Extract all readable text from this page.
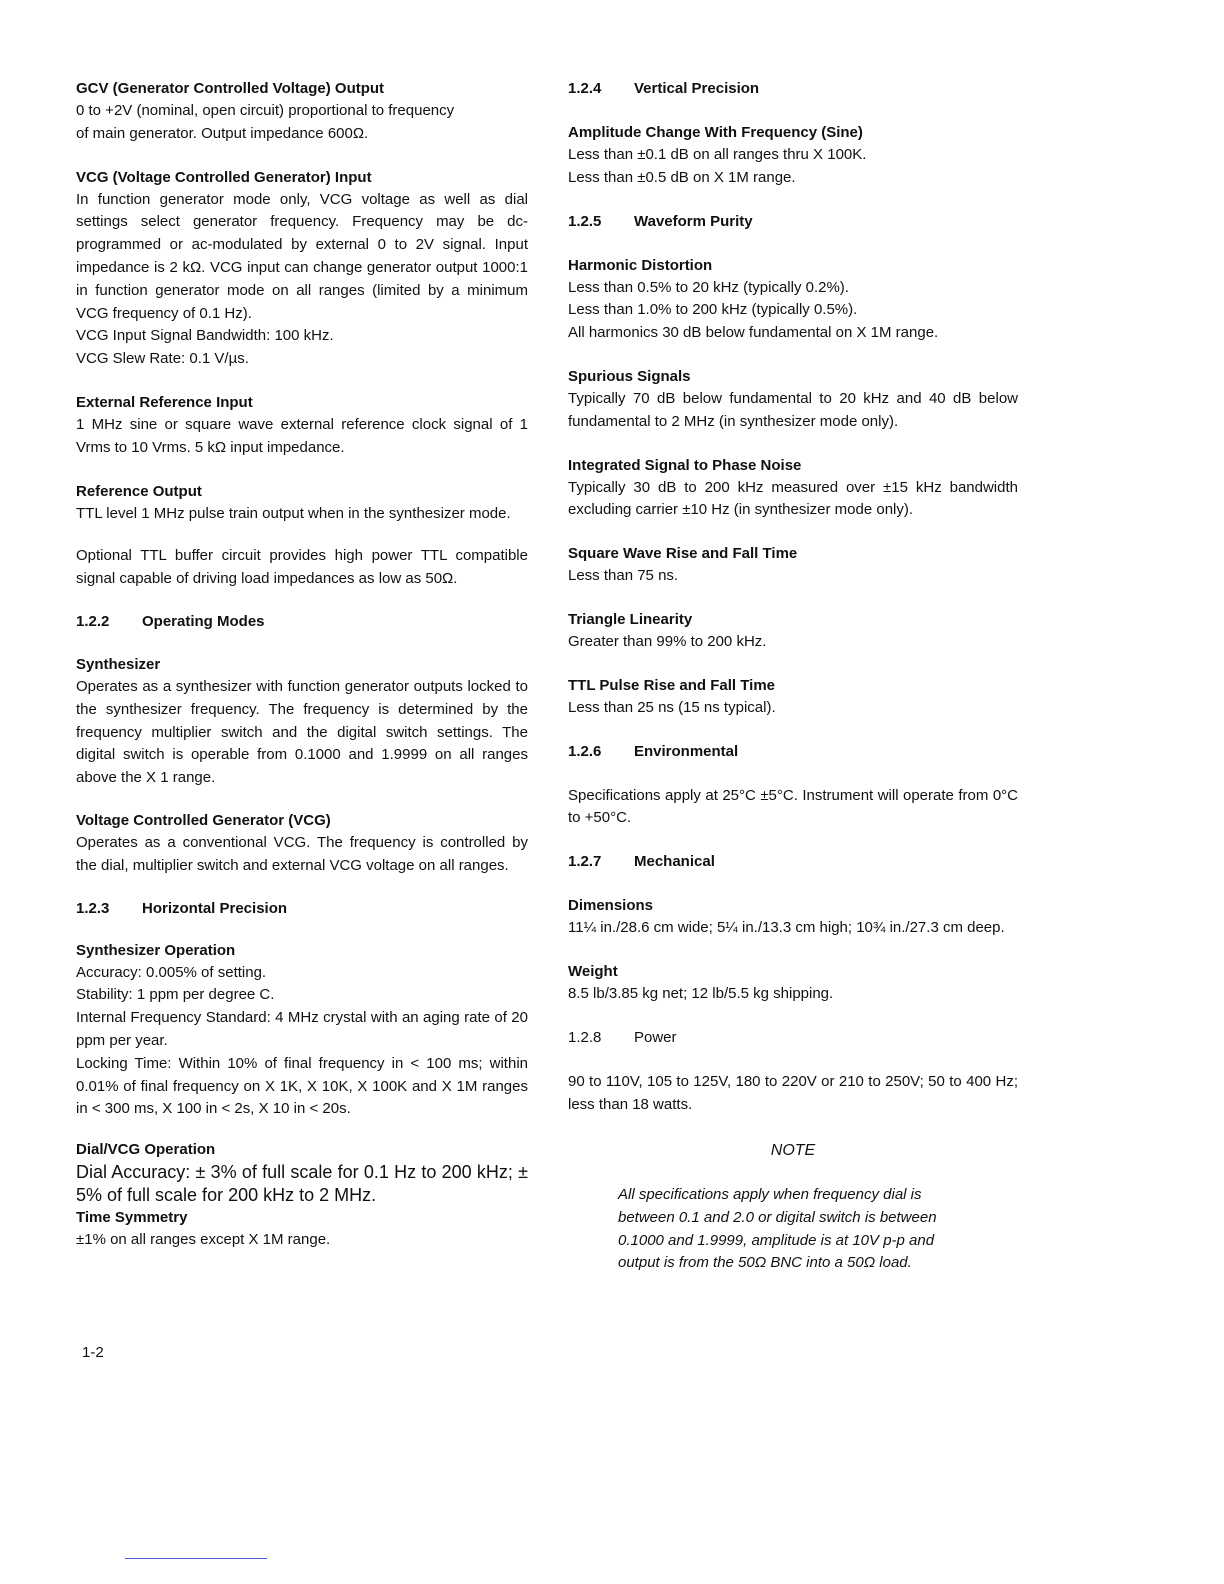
GCV (Generator Controlled Voltage) Output
0 to +2V (nominal, open circuit) proportional to frequency
of main generator. Output impedance 600Ω.
VCG (Voltage Controlled Generator) Input
In function generator mode only, VCG voltage as well as dial settings select generator frequency. Frequency may be dc-programmed or ac-modulated by external 0 to 2V signal. Input impedance is 2 kΩ. VCG input can change generator output 1000:1 in function generator mode on all ranges (limited by a minimum VCG frequency of 0.1 Hz).
VCG Input Signal Bandwidth: 100 kHz.
VCG Slew Rate: 0.1 V/µs.
External Reference Input
1 MHz sine or square wave external reference clock signal of 1 Vrms to 10 Vrms. 5 kΩ input impedance.
Reference Output
TTL level 1 MHz pulse train output when in the synthesizer mode.
Optional TTL buffer circuit provides high power TTL compatible signal capable of driving load impedances as low as 50Ω.
1.2.2	Operating Modes
Synthesizer
Operates as a synthesizer with function generator outputs locked to the synthesizer frequency. The frequency is determined by the frequency multiplier switch and the digital switch settings. The digital switch is operable from 0.1000 and 1.9999 on all ranges above the X 1 range.
Voltage Controlled Generator (VCG)
Operates as a conventional VCG. The frequency is controlled by the dial, multiplier switch and external VCG voltage on all ranges.
1.2.3	Horizontal Precision
Synthesizer Operation
Accuracy: 0.005% of setting.
Stability: 1 ppm per degree C.
Internal Frequency Standard: 4 MHz crystal with an aging rate of 20 ppm per year.
Locking Time: Within 10% of final frequency in < 100 ms; within 0.01% of final frequency on X 1K, X 10K, X 100K and X 1M ranges in < 300 ms, X 100 in < 2s, X 10 in < 20s.
Dial/VCG Operation
Dial Accuracy: ± 3% of full scale for 0.1 Hz to 200 kHz; ± 5% of full scale for 200 kHz to 2 MHz.
Time Symmetry
±1% on all ranges except X 1M range.
1.2.4	Vertical Precision
Amplitude Change With Frequency (Sine)
Less than ±0.1 dB on all ranges thru X 100K.
Less than ±0.5 dB on X 1M range.
1.2.5	Waveform Purity
Harmonic Distortion
Less than 0.5% to 20 kHz (typically 0.2%).
Less than 1.0% to 200 kHz (typically 0.5%).
All harmonics 30 dB below fundamental on X 1M range.
Spurious Signals
Typically 70 dB below fundamental to 20 kHz and 40 dB below fundamental to 2 MHz (in synthesizer mode only).
Integrated Signal to Phase Noise
Typically 30 dB to 200 kHz measured over ±15 kHz bandwidth excluding carrier ±10 Hz (in synthesizer mode only).
Square Wave Rise and Fall Time
Less than 75 ns.
Triangle Linearity
Greater than 99% to 200 kHz.
TTL Pulse Rise and Fall Time
Less than 25 ns (15 ns typical).
1.2.6	Environmental
Specifications apply at 25°C ±5°C. Instrument will operate from 0°C to +50°C.
1.2.7	Mechanical
Dimensions
11¼ in./28.6 cm wide; 5¼ in./13.3 cm high; 10¾ in./27.3 cm deep.
Weight
8.5 lb/3.85 kg net; 12 lb/5.5 kg shipping.
1.2.8	Power
90 to 110V, 105 to 125V, 180 to 220V or 210 to 250V; 50 to 400 Hz; less than 18 watts.
NOTE
All specifications apply when frequency dial is between 0.1 and 2.0 or digital switch is between 0.1000 and 1.9999, amplitude is at 10V p-p and output is from the 50Ω BNC into a 50Ω load.
1-2
